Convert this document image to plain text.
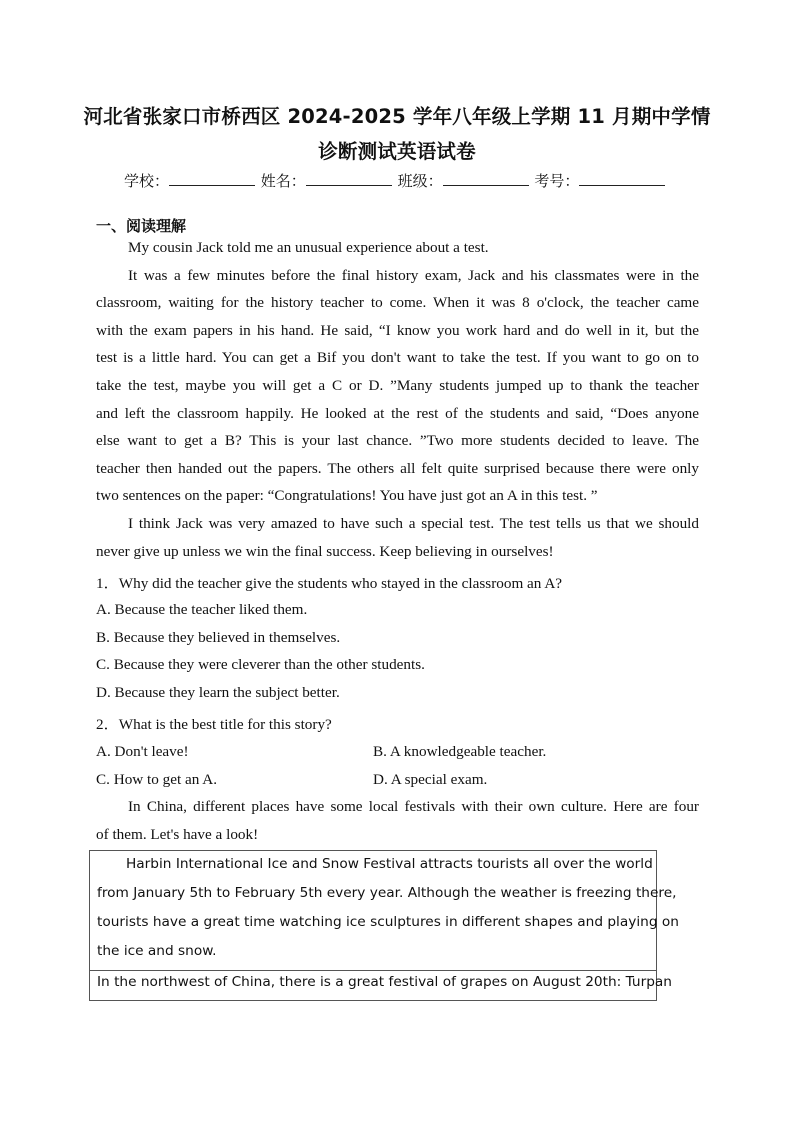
河北省张家口市桥西区 2024-2025 学年八年级上学期 11 月期中学情
诊断测试英语试卷
学校：	姓名：	班级：	考号：
一、阅读理解
My cousin Jack told me an unusual experience about a test.
It was a few minutes before the final history exam, Jack and his classmates were in the
classroom, waiting for the history teacher to come. When it was 8 o'clock, the teacher came
with the exam papers in his hand. He said, “I know you work hard and do well in it, but the
test is a little hard. You can get a Bif you don't want to take the test. If you want to go on to
take the test, maybe you will get a C or D. ”Many students jumped up to thank the teacher
and left the classroom happily. He looked at the rest of the students and said, “Does anyone
else want to get a B? This is your last chance. ”Two more students decided to leave. The
teacher then handed out the papers. The others all felt quite surprised because there were only
two sentences on the paper: “Congratulations! You have just got an A in this test. ”
I think Jack was very amazed to have such a special test. The test tells us that we should
never give up unless we win the final success. Keep believing in ourselves!
1．Why did the teacher give the students who stayed in the classroom an A?
A. Because the teacher liked them.
B. Because they believed in themselves.
C. Because they were cleverer than the other students.
D. Because they learn the subject better.
2．What is the best title for this story?
A. Don't leave!	B. A knowledgeable teacher.
C. How to get an A.	D. A special exam.
In China, different places have some local festivals with their own culture. Here are four
of them. Let's have a look!
Harbin International Ice and Snow Festival attracts tourists all over the world
from January 5th to February 5th every year. Although the weather is freezing there,
tourists have a great time watching ice sculptures in different shapes and playing on
the ice and snow.
In the northwest of China, there is a great festival of grapes on August 20th: Turpan
